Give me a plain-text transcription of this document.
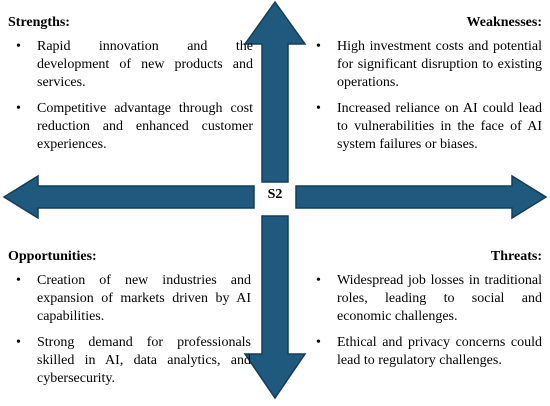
S2
Strengths:
• Rapid innovation and the development of new products and services.
• Competitive advantage through cost reduction and enhanced customer experiences.
Weaknesses:
• High investment costs and potential for significant disruption to existing operations.
• Increased reliance on AI could lead to vulnerabilities in the face of AI system failures or biases.
Opportunities:
• Creation of new industries and expansion of markets driven by AI capabilities.
• Strong demand for professionals skilled in AI, data analytics, and cybersecurity.
Threats:
• Widespread job losses in traditional roles, leading to social and economic challenges.
• Ethical and privacy concerns could lead to regulatory challenges.
